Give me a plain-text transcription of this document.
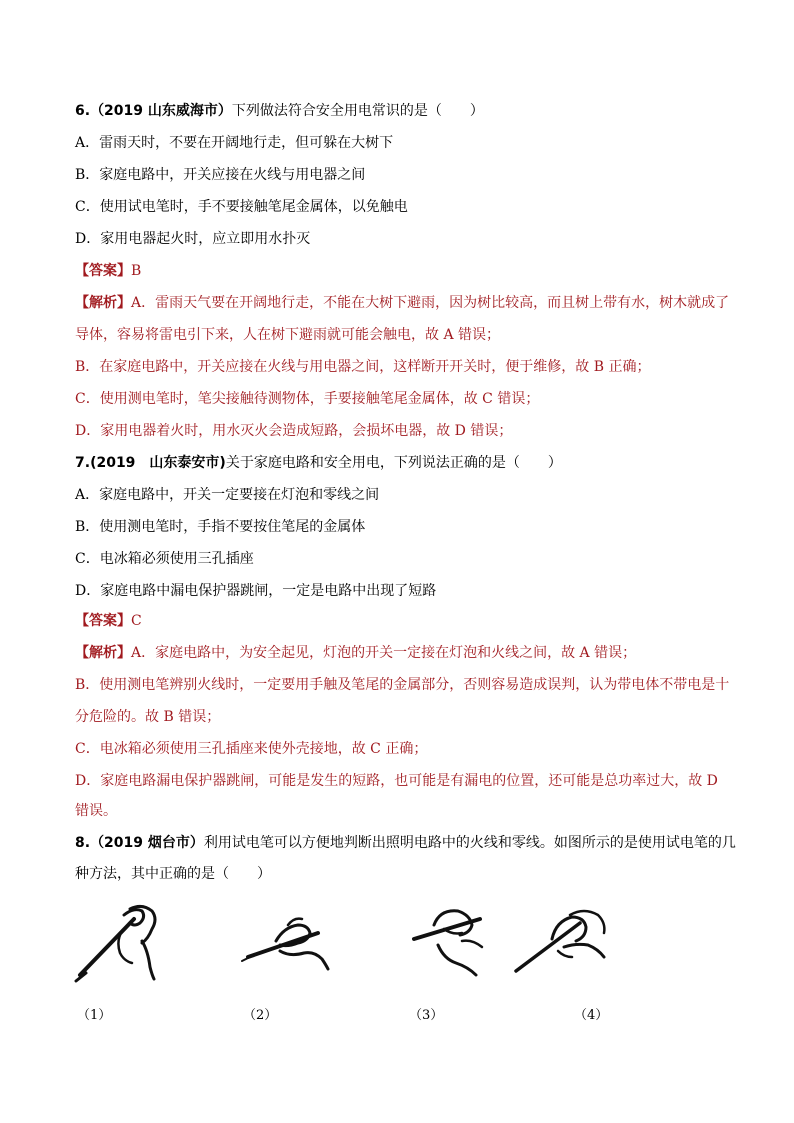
6.（2019 山东威海市）下列做法符合安全用电常识的是（　　）
A．雷雨天时，不要在开阔地行走，但可躲在大树下
B．家庭电路中，开关应接在火线与用电器之间
C．使用试电笔时，手不要接触笔尾金属体，以免触电
D．家用电器起火时，应立即用水扑灭
【答案】B
【解析】A．雷雨天气要在开阔地行走，不能在大树下避雨，因为树比较高，而且树上带有水，树木就成了
导体，容易将雷电引下来，人在树下避雨就可能会触电，故 A 错误；
B．在家庭电路中，开关应接在火线与用电器之间，这样断开开关时，便于维修，故 B 正确；
C．使用测电笔时，笔尖接触待测物体，手要接触笔尾金属体，故 C 错误；
D．家用电器着火时，用水灭火会造成短路，会损坏电器，故 D 错误；
7.(2019　山东泰安市)关于家庭电路和安全用电，下列说法正确的是（　　）
A．家庭电路中，开关一定要接在灯泡和零线之间
B．使用测电笔时，手指不要按住笔尾的金属体
C．电冰箱必须使用三孔插座
D．家庭电路中漏电保护器跳闸，一定是电路中出现了短路
【答案】C
【解析】A．家庭电路中，为安全起见，灯泡的开关一定接在灯泡和火线之间，故 A 错误；
B．使用测电笔辨别火线时，一定要用手触及笔尾的金属部分，否则容易造成误判，认为带电体不带电是十
分危险的。故 B 错误；
C．电冰箱必须使用三孔插座来使外壳接地，故 C 正确；
D．家庭电路漏电保护器跳闸，可能是发生的短路，也可能是有漏电的位置，还可能是总功率过大，故 D
错误。
8.（2019 烟台市）利用试电笔可以方便地判断出照明电路中的火线和零线。如图所示的是使用试电笔的几
种方法，其中正确的是（　　）
（1）	（2）	（3）	（4）
